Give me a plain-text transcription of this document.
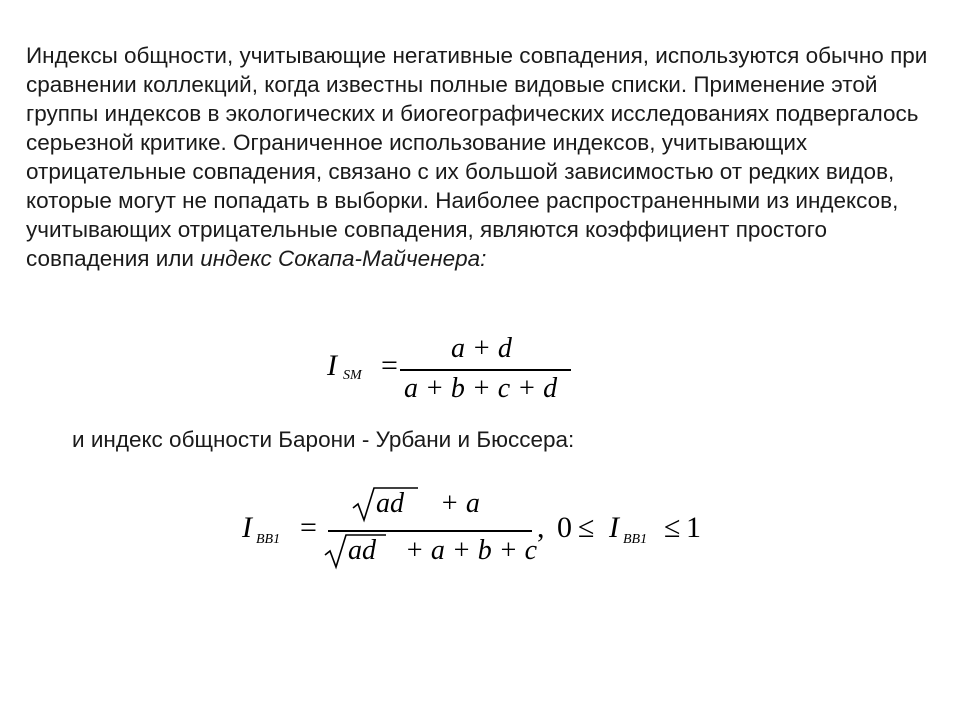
Индексы общности, учитывающие негативные совпадения, используются обычно при сравнении коллекций, когда известны полные видовые списки. Применение этой группы индексов в экологических и биогеографических исследованиях подвергалось серьезной критике. Ограниченное использование индексов, учитывающих отрицательные совпадения, связано с их большой зависимостью от редких видов, которые могут не попадать в выборки. Наиболее распространенными из индексов, учитывающих отрицательные совпадения, являются коэффициент простого совпадения или индекс Сокапа-Майченера:

I SM =
a + d
a + b + c + d

и индекс общности Барони - Урбани и Бюссера:

I BB1 =
ad + a
ad + a + b + c
, 0 ≤ I BB1 ≤ 1
